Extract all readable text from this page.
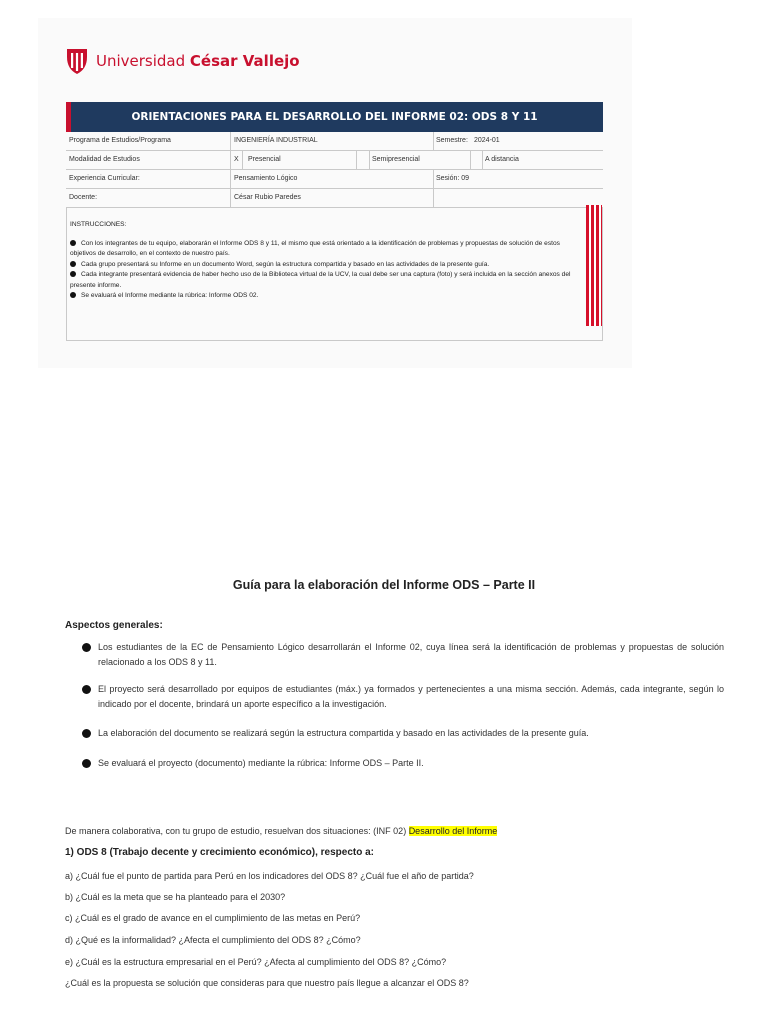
Universidad César Vallejo
ORIENTACIONES PARA EL DESARROLLO DEL INFORME 02: ODS 8 Y 11
Programa de Estudios/Programa	INGENIERÍA INDUSTRIAL	Semestre: 2024-01
Modalidad de Estudios	X Presencial	Semipresencial	A distancia
Experiencia Curricular:	Pensamiento Lógico	Sesión: 09
Docente:	César Rubio Paredes
INSTRUCCIONES:
Con los integrantes de tu equipo, elaborarán el Informe ODS 8 y 11, el mismo que está orientado a la identificación de problemas y propuestas de solución de estos objetivos de desarrollo, en el contexto de nuestro país.
Cada grupo presentará su Informe en un documento Word, según la estructura compartida y basado en las actividades de la presente guía.
Cada integrante presentará evidencia de haber hecho uso de la Biblioteca virtual de la UCV, la cual debe ser una captura (foto) y será incluida en la sección anexos del presente informe.
Se evaluará el Informe mediante la rúbrica: Informe ODS 02.
Guía para la elaboración del Informe ODS – Parte II
Aspectos generales:
Los estudiantes de la EC de Pensamiento Lógico desarrollarán el Informe 02, cuya línea será la identificación de problemas y propuestas de solución relacionado a los ODS 8 y 11.
El proyecto será desarrollado por equipos de estudiantes (máx.) ya formados y pertenecientes a una misma sección. Además, cada integrante, según lo indicado por el docente, brindará un aporte específico a la investigación.
La elaboración del documento se realizará según la estructura compartida y basado en las actividades de la presente guía.
Se evaluará el proyecto (documento) mediante la rúbrica: Informe ODS – Parte II.
De manera colaborativa, con tu grupo de estudio, resuelvan dos situaciones: (INF 02) Desarrollo del Informe
1) ODS 8 (Trabajo decente y crecimiento económico), respecto a:
a) ¿Cuál fue el punto de partida para Perú en los indicadores del ODS 8? ¿Cuál fue el año de partida?
b) ¿Cuál es la meta que se ha planteado para el 2030?
c) ¿Cuál es el grado de avance en el cumplimiento de las metas en Perú?
d) ¿Qué es la informalidad? ¿Afecta el cumplimiento del ODS 8? ¿Cómo?
e) ¿Cuál es la estructura empresarial en el Perú? ¿Afecta al cumplimiento del ODS 8? ¿Cómo?
¿Cuál es la propuesta se solución que consideras para que nuestro país llegue a alcanzar el ODS 8?
